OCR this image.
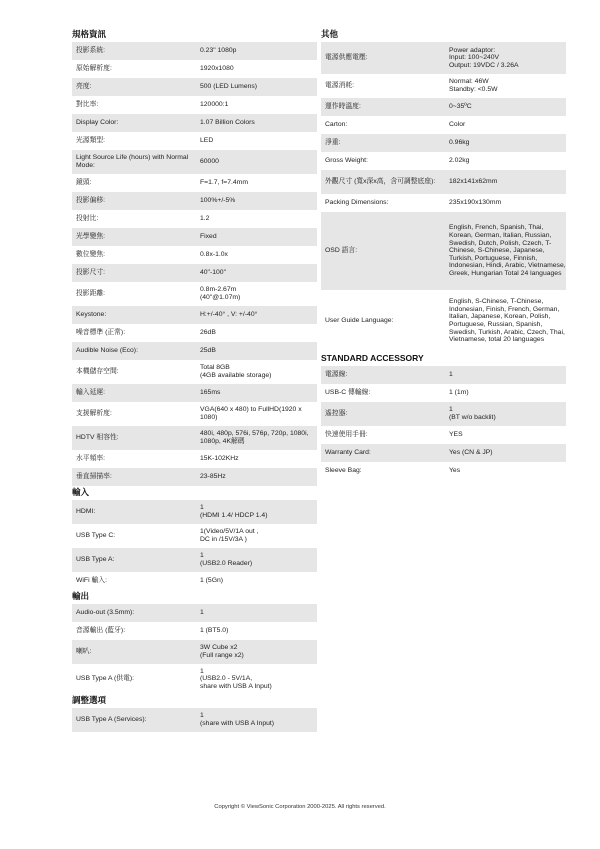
規格資訊
投影系統:	0.23" 1080p
原始解析度:	1920x1080
亮度:	500 (LED Lumens)
對比率:	120000:1
Display Color:	1.07 Billion Colors
光源類型:	LED
Light Source Life (hours) with Normal Mode:
60000
鏡頭:	F=1.7, f=7.4mm
投影偏移:	100%+/-5%
投射比:	1.2
光學變焦:	Fixed
數位變焦:	0.8x-1.0x
投影尺寸:	40"-100"
投影距離:
0.8m-2.67m
(40"@1.07m)
Keystone:	H:+/-40° , V: +/-40°
噪音標準 (正常):	26dB
Audible Noise (Eco):	25dB
本機儲存空間:
Total 8GB
(4GB available storage)
輸入延遲:	165ms
支援解析度:
VGA(640 x 480) to FullHD(1920 x 1080)
HDTV 相容性:
480i, 480p, 576i, 576p, 720p, 1080i, 1080p, 4K解碼
水平頻率:	15K-102KHz
垂直掃描率:	23-85Hz
輸入
HDMI:
1
(HDMI 1.4/ HDCP 1.4)
USB Type C:
1(Video/5V/1A out ,
DC in /15V/3A )
USB Type A:
1
(USB2.0 Reader)
WiFi 輸入:	1 (5Gn)
輸出
Audio-out (3.5mm):	1
音源輸出 (藍牙):	1 (BT5.0)
喇叭:
3W Cube x2
(Full range x2)
USB Type A (供電):
1
(USB2.0 - 5V/1A,
share with USB A Input)
調整選項
USB Type A (Services):
1
(share with USB A Input)
其他
電源供應電壓:
Power adaptor:
Input: 100~240V
Output: 19VDC / 3.26A
電源消耗:
Normal: 46W
Standby: <0.5W
運作時溫度:	0~35ºC
Carton:	Color
淨重:	0.96kg
Gross Weight:	2.02kg
外觀尺寸 (寬x深x高，含可調整底座):	182x141x62mm
Packing Dimensions:	235x190x130mm
OSD 語言:
English, French, Spanish, Thai, Korean, German, Italian, Russian, Swedish, Dutch, Polish, Czech, T-Chinese, S-Chinese, Japanese, Turkish, Portuguese, Finnish, Indonesian, Hindi, Arabic, Vietnamese, Greek, Hungarian Total 24 languages
User Guide Language:
English, S-Chinese, T-Chinese, Indonesian, Finish, French, German, Italian, Japanese, Korean, Polish, Portuguese, Russian, Spanish, Swedish, Turkish, Arabic, Czech, Thai, Vietnamese, total 20 languages
STANDARD ACCESSORY
電源線:	1
USB-C 傳輸線:	1 (1m)
遙控器:
1
(BT w/o backlit)
快速使用手冊:	YES
Warranty Card:	Yes (CN & JP)
Sleeve Bag:	Yes
Copyright © ViewSonic Corporation 2000-2025. All rights reserved.
